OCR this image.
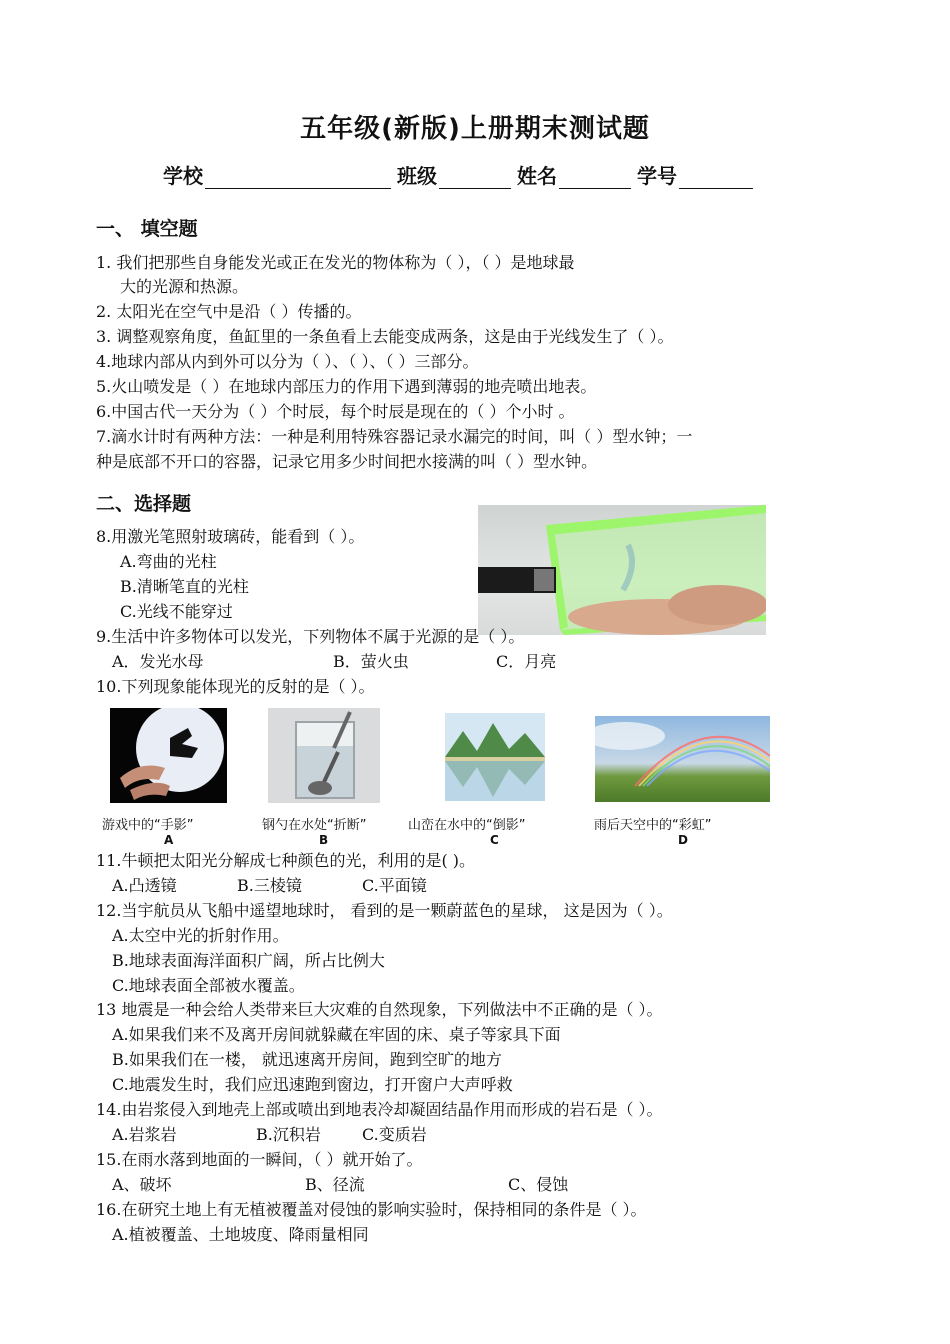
五年级(新版)上册期末测试题
学校	班级	姓名	学号
一、 填空题
1. 我们把那些自身能发光或正在发光的物体称为（ ），（ ）是地球最
大的光源和热源。
2. 太阳光在空气中是沿（ ）传播的。
3. 调整观察角度，鱼缸里的一条鱼看上去能变成两条，这是由于光线发生了（ ）。
4.地球内部从内到外可以分为（ ）、（ ）、（ ）三部分。
5.火山喷发是（ ）在地球内部压力的作用下遇到薄弱的地壳喷出地表。
6.中国古代一天分为（ ）个时辰，每个时辰是现在的（ ）个小时 。
7.滴水计时有两种方法：一种是利用特殊容器记录水漏完的时间，叫（ ）型水钟；一
种是底部不开口的容器，记录它用多少时间把水接满的叫（ ）型水钟。
二、选择题
8.用激光笔照射玻璃砖，能看到（ ）。
A.弯曲的光柱
B.清晰笔直的光柱
C.光线不能穿过
9.生活中许多物体可以发光，下列物体不属于光源的是（ ）。
A．发光水母	B．萤火虫	C．月亮
10.下列现象能体现光的反射的是（ ）。
游戏中的“手影”	钢勺在水处“折断”	山峦在水中的“倒影”	雨后天空中的“彩虹”
A	B	C	D
11.牛顿把太阳光分解成七种颜色的光，利用的是( )。
A.凸透镜	B.三棱镜	C.平面镜
12.当宇航员从飞船中遥望地球时， 看到的是一颗蔚蓝色的星球， 这是因为（ ）。
A.太空中光的折射作用。
B.地球表面海洋面积广阔，所占比例大
C.地球表面全部被水覆盖。
13 地震是一种会给人类带来巨大灾难的自然现象，下列做法中不正确的是（ ）。
A.如果我们来不及离开房间就躲藏在牢固的床、桌子等家具下面
B.如果我们在一楼， 就迅速离开房间，跑到空旷的地方
C.地震发生时，我们应迅速跑到窗边，打开窗户大声呼救
14.由岩浆侵入到地壳上部或喷出到地表冷却凝固结晶作用而形成的岩石是（ ）。
A.岩浆岩	B.沉积岩	C.变质岩
15.在雨水落到地面的一瞬间，（ ）就开始了。
A、破坏	B、径流	C、侵蚀
16.在研究土地上有无植被覆盖对侵蚀的影响实验时，保持相同的条件是（ ）。
A.植被覆盖、土地坡度、降雨量相同
